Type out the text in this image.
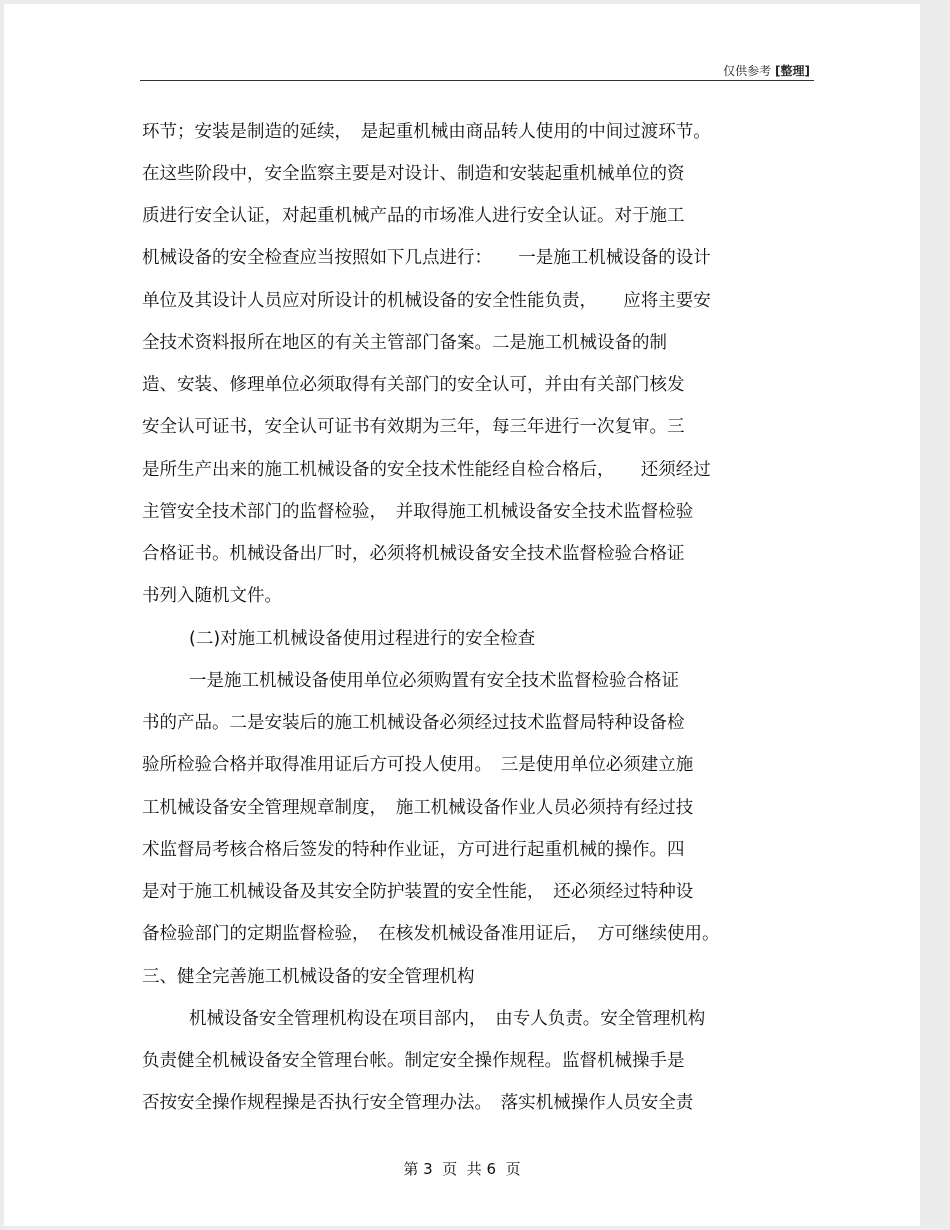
仅供参考 [整理]
环节；安装是制造的延续，　是起重机械由商品转人使用的中间过渡环节。
在这些阶段中，安全监察主要是对设计、制造和安装起重机械单位的资
质进行安全认证，对起重机械产品的市场准人进行安全认证。对于施工
机械设备的安全检查应当按照如下几点进行：　　一是施工机械设备的设计
单位及其设计人员应对所设计的机械设备的安全性能负责，　　应将主要安
全技术资料报所在地区的有关主管部门备案。二是施工机械设备的制
造、安装、修理单位必须取得有关部门的安全认可，并由有关部门核发
安全认可证书，安全认可证书有效期为三年，每三年进行一次复审。三
是所生产出来的施工机械设备的安全技术性能经自检合格后，　　还须经过
主管安全技术部门的监督检验，　并取得施工机械设备安全技术监督检验
合格证书。机械设备出厂时，必须将机械设备安全技术监督检验合格证
书列入随机文件。
(二)对施工机械设备使用过程进行的安全检查
一是施工机械设备使用单位必须购置有安全技术监督检验合格证
书的产品。二是安装后的施工机械设备必须经过技术监督局特种设备检
验所检验合格并取得准用证后方可投人使用。　三是使用单位必须建立施
工机械设备安全管理规章制度，　施工机械设备作业人员必须持有经过技
术监督局考核合格后签发的特种作业证，方可进行起重机械的操作。四
是对于施工机械设备及其安全防护装置的安全性能，　还必须经过特种设
备检验部门的定期监督检验，　在核发机械设备准用证后，　方可继续使用。
三、健全完善施工机械设备的安全管理机构
机械设备安全管理机构设在项目部内，　由专人负责。安全管理机构
负责健全机械设备安全管理台帐。制定安全操作规程。监督机械操手是
否按安全操作规程操是否执行安全管理办法。　落实机械操作人员安全责
第 3  页  共 6  页
